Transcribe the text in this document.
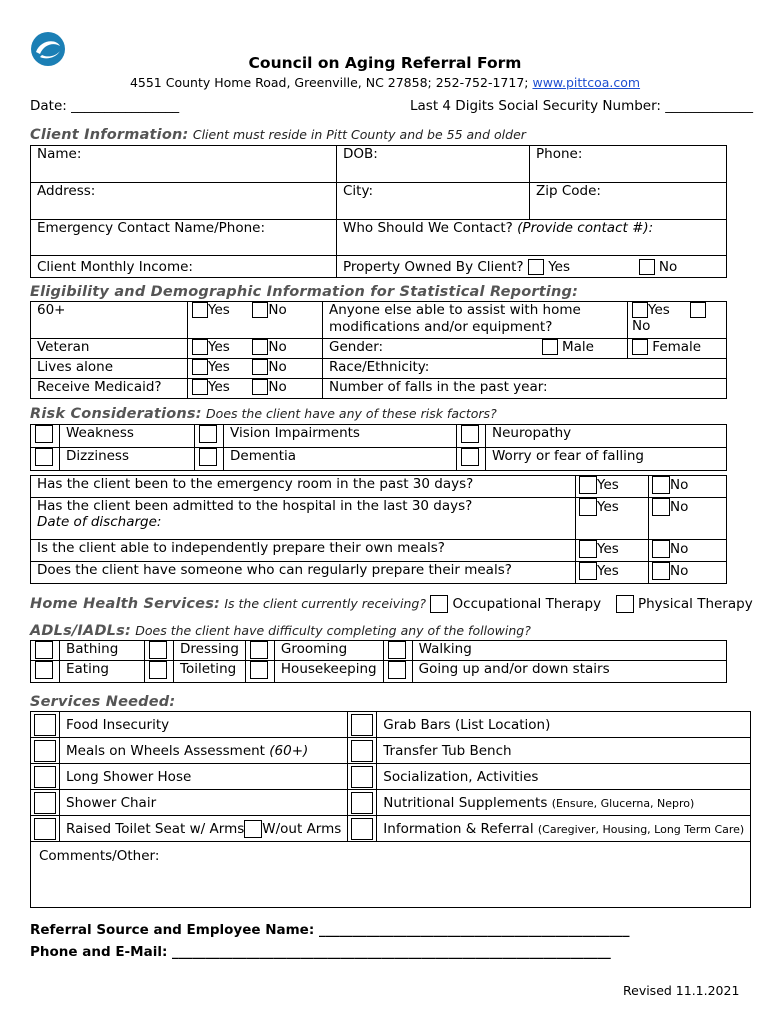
Council on Aging Referral Form
4551 County Home Road, Greenville, NC 27858; 252-752-1717; www.pittcoa.com
Date: ________________	Last 4 Digits Social Security Number: _____________
Client Information: Client must reside in Pitt County and be 55 and older
Name:	DOB:	Phone:
Address:	City:	Zip Code:
Emergency Contact Name/Phone:	Who Should We Contact? (Provide contact #):	
Client Monthly Income:	Property Owned By Client? Yes No	
Eligibility and Demographic Information for Statistical Reporting:
60+	Yes No	Anyone else able to assist with home modifications and/or equipment?	Yes  No
Veteran	Yes No	Gender: Male	Female
Lives alone	Yes No	Race/Ethnicity:	
Receive Medicaid?	Yes No	Number of falls in the past year:	
Risk Considerations: Does the client have any of these risk factors?
	Weakness		Vision Impairments		Neuropathy
	Dizziness		Dementia		Worry or fear of falling
Has the client been to the emergency room in the past 30 days?	Yes	No

Has the client been admitted to the hospital in the last 30 days?
Date of discharge:	Yes	No
Is the client able to independently prepare their own meals?	Yes	No
Does the client have someone who can regularly prepare their meals?	Yes	No
Home Health Services: Is the client currently receiving? Occupational Therapy	Physical Therapy
ADLs/IADLs: Does the client have difficulty completing any of the following?
	Bathing		Dressing		Grooming		Walking
	Eating		Toileting		Housekeeping		Going up and/or down stairs
Services Needed:
	Food Insecurity		Grab Bars (List Location)
	Meals on Wheels Assessment (60+)		Transfer Tub Bench
	Long Shower Hose		Socialization, Activities
	Shower Chair		Nutritional Supplements (Ensure, Glucerna, Nepro)
	Raised Toilet Seat w/ Arms W/out Arms		Information & Referral (Caregiver, Housing, Long Term Care)
Comments/Other:			
Referral Source and Employee Name: ______________________________________________
Phone and E-Mail: _________________________________________________________________
Revised 11.1.2021
